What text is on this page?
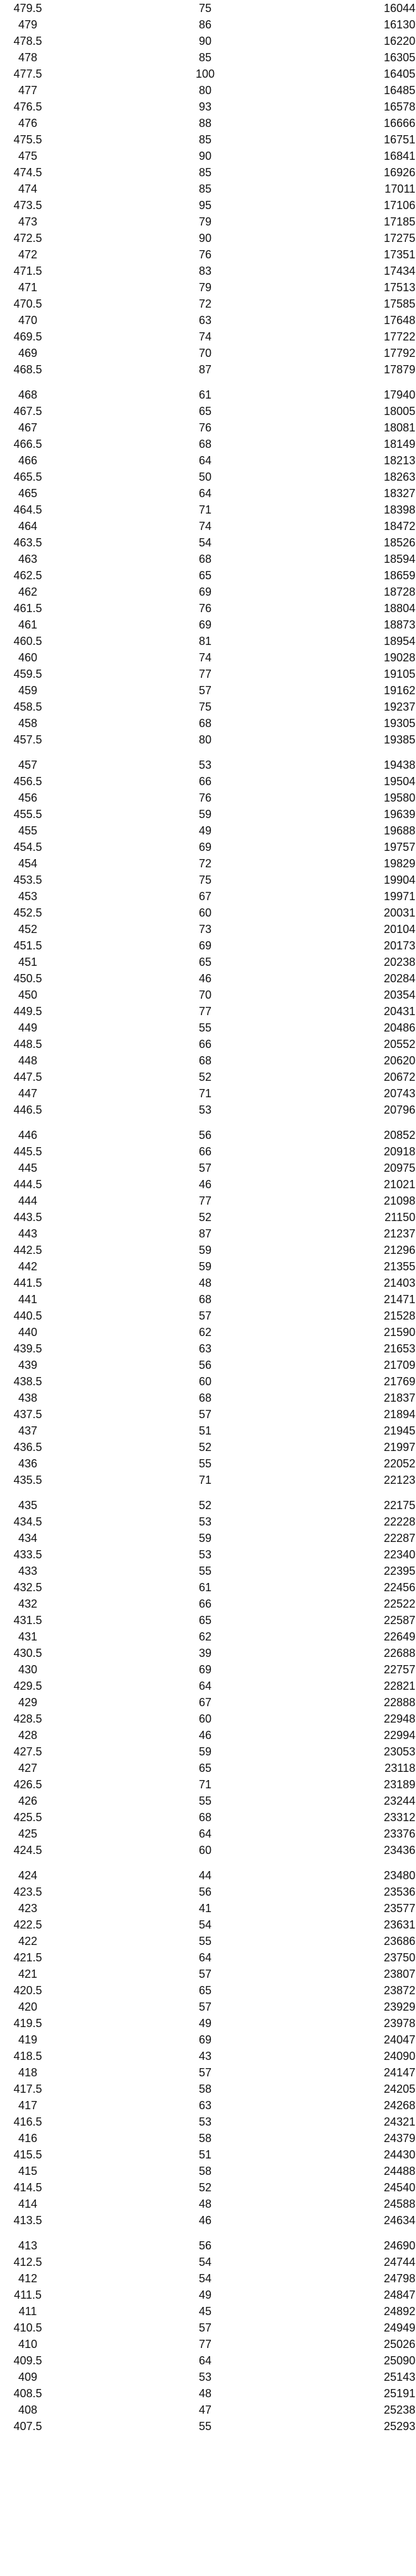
479.5	75	16044
479	86	16130
478.5	90	16220
478	85	16305
477.5	100	16405
477	80	16485
476.5	93	16578
476	88	16666
475.5	85	16751
475	90	16841
474.5	85	16926
474	85	17011
473.5	95	17106
473	79	17185
472.5	90	17275
472	76	17351
471.5	83	17434
471	79	17513
470.5	72	17585
470	63	17648
469.5	74	17722
469	70	17792
468.5	87	17879
468	61	17940
467.5	65	18005
467	76	18081
466.5	68	18149
466	64	18213
465.5	50	18263
465	64	18327
464.5	71	18398
464	74	18472
463.5	54	18526
463	68	18594
462.5	65	18659
462	69	18728
461.5	76	18804
461	69	18873
460.5	81	18954
460	74	19028
459.5	77	19105
459	57	19162
458.5	75	19237
458	68	19305
457.5	80	19385
457	53	19438
456.5	66	19504
456	76	19580
455.5	59	19639
455	49	19688
454.5	69	19757
454	72	19829
453.5	75	19904
453	67	19971
452.5	60	20031
452	73	20104
451.5	69	20173
451	65	20238
450.5	46	20284
450	70	20354
449.5	77	20431
449	55	20486
448.5	66	20552
448	68	20620
447.5	52	20672
447	71	20743
446.5	53	20796
446	56	20852
445.5	66	20918
445	57	20975
444.5	46	21021
444	77	21098
443.5	52	21150
443	87	21237
442.5	59	21296
442	59	21355
441.5	48	21403
441	68	21471
440.5	57	21528
440	62	21590
439.5	63	21653
439	56	21709
438.5	60	21769
438	68	21837
437.5	57	21894
437	51	21945
436.5	52	21997
436	55	22052
435.5	71	22123
435	52	22175
434.5	53	22228
434	59	22287
433.5	53	22340
433	55	22395
432.5	61	22456
432	66	22522
431.5	65	22587
431	62	22649
430.5	39	22688
430	69	22757
429.5	64	22821
429	67	22888
428.5	60	22948
428	46	22994
427.5	59	23053
427	65	23118
426.5	71	23189
426	55	23244
425.5	68	23312
425	64	23376
424.5	60	23436
424	44	23480
423.5	56	23536
423	41	23577
422.5	54	23631
422	55	23686
421.5	64	23750
421	57	23807
420.5	65	23872
420	57	23929
419.5	49	23978
419	69	24047
418.5	43	24090
418	57	24147
417.5	58	24205
417	63	24268
416.5	53	24321
416	58	24379
415.5	51	24430
415	58	24488
414.5	52	24540
414	48	24588
413.5	46	24634
413	56	24690
412.5	54	24744
412	54	24798
411.5	49	24847
411	45	24892
410.5	57	24949
410	77	25026
409.5	64	25090
409	53	25143
408.5	48	25191
408	47	25238
407.5	55	25293
